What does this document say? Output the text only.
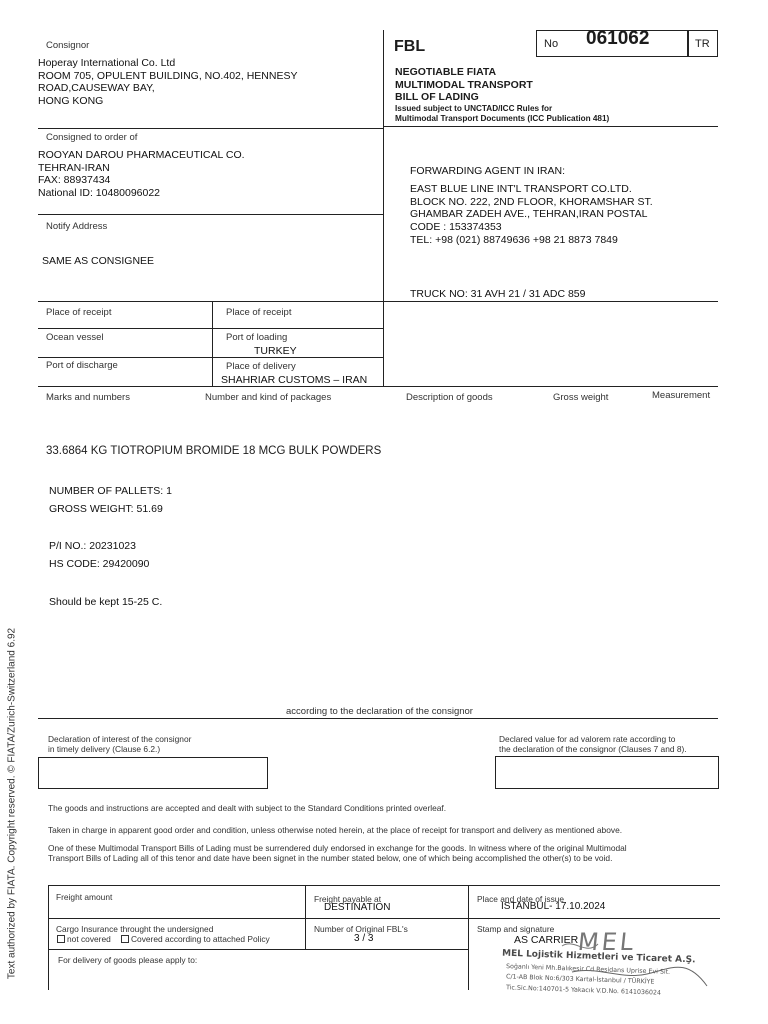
Consignor
Hoperay International Co. Ltd
ROOM 705, OPULENT BUILDING, NO.402, HENNESY
ROAD,CAUSEWAY BAY,
HONG KONG
FBL	No 061062	TR
NEGOTIABLE FIATA
MULTIMODAL TRANSPORT
BILL OF LADING
Issued subject to UNCTAD/ICC Rules for
Multimodal Transport Documents (ICC Publication 481)
Consigned to order of
ROOYAN DAROU PHARMACEUTICAL CO.
TEHRAN-IRAN
FAX: 88937434
National ID: 10480096022
FORWARDING AGENT IN IRAN:
EAST BLUE LINE INT'L TRANSPORT CO.LTD.
BLOCK NO. 222, 2ND FLOOR, KHORAMSHAR ST.
GHAMBAR ZADEH AVE., TEHRAN,IRAN POSTAL
CODE : 153374353
TEL: +98 (021) 88749636 +98 21 8873 7849
TRUCK NO: 31 AVH 21 / 31 ADC 859
Notify Address
SAME AS CONSIGNEE
Place of receipt	Place of receipt
Ocean vessel	Port of loading
TURKEY
Port of discharge	Place of delivery
SHAHRIAR CUSTOMS – IRAN
Marks and numbers	Number and kind of packages	Description of goods	Gross weight	Measurement
33.6864 KG TIOTROPIUM BROMIDE 18 MCG BULK POWDERS
NUMBER OF PALLETS: 1
GROSS WEIGHT: 51.69
P/I NO.: 20231023
HS CODE: 29420090
Should be kept 15-25 C.
according to the declaration of the consignor
Declaration of interest of the consignor
in timely delivery (Clause 6.2.)
Declared value for ad valorem rate according to
the declaration of the consignor (Clauses 7 and 8).
The goods and instructions are accepted and dealt with subject to the Standard Conditions printed overleaf.
Taken in charge in apparent good order and condition, unless otherwise noted herein, at the place of receipt for transport and delivery as mentioned above.
One of these Multimodal Transport Bills of Lading must be surrendered duly endorsed in exchange for the goods. In witness where of the original Multimodal
Transport Bills of Lading all of this tenor and date have been signet in the number stated below, one of which being accomplished the other(s) to be void.
Freight amount	Freight payable at
DESTINATION
Place and date of issue
ISTANBUL- 17.10.2024
Cargo Insurance throught the undersigned
not covered Covered according to attached Policy
Number of Original FBL's
3 / 3
Stamp and signature
AS CARRIER
For delivery of goods please apply to:
MEL
MEL Lojistik Hizmetleri ve Ticaret A.Ş.
Soğanlı Yeni Mh.Balıkesir Cd.Residans Uprise Evi Sit.
C/1-AB Blok No:6/303 Kartal-İstanbul / TÜRKİYE
Tic.Sic.No:140701-5 Yakacık V.D.No. 6141036024
Text authorized by FIATA. Copyright reserved. © FIATA/Zurich-Switzerland 6.92
